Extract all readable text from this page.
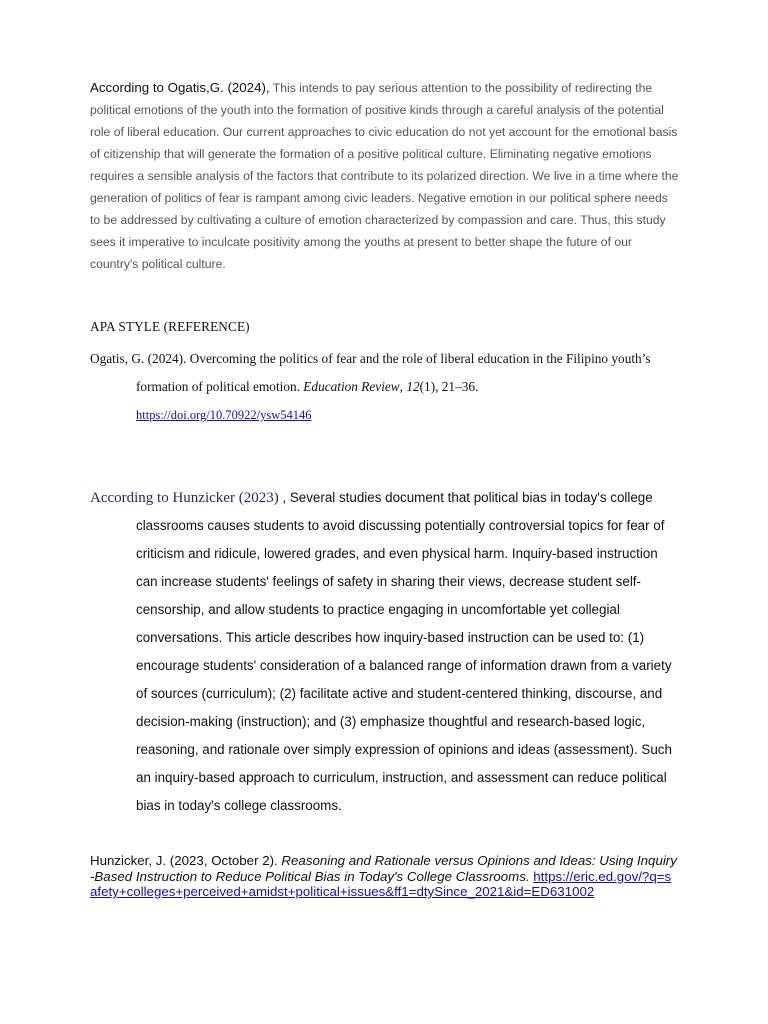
According to Ogatis,G. (2024), This intends to pay serious attention to the possibility of redirecting the political emotions of the youth into the formation of positive kinds through a careful analysis of the potential role of liberal education. Our current approaches to civic education do not yet account for the emotional basis of citizenship that will generate the formation of a positive political culture. Eliminating negative emotions requires a sensible analysis of the factors that contribute to its polarized direction. We live in a time where the generation of politics of fear is rampant among civic leaders. Negative emotion in our political sphere needs to be addressed by cultivating a culture of emotion characterized by compassion and care. Thus, this study sees it imperative to inculcate positivity among the youths at present to better shape the future of our country's political culture.
APA STYLE (REFERENCE)
Ogatis, G. (2024). Overcoming the politics of fear and the role of liberal education in the Filipino youth’s formation of political emotion. Education Review, 12(1), 21–36.
https://doi.org/10.70922/ysw54146
According to Hunzicker (2023) , Several studies document that political bias in today's college classrooms causes students to avoid discussing potentially controversial topics for fear of criticism and ridicule, lowered grades, and even physical harm. Inquiry-based instruction can increase students' feelings of safety in sharing their views, decrease student self-censorship, and allow students to practice engaging in uncomfortable yet collegial conversations. This article describes how inquiry-based instruction can be used to: (1) encourage students' consideration of a balanced range of information drawn from a variety of sources (curriculum); (2) facilitate active and student-centered thinking, discourse, and decision-making (instruction); and (3) emphasize thoughtful and research-based logic, reasoning, and rationale over simply expression of opinions and ideas (assessment). Such an inquiry-based approach to curriculum, instruction, and assessment can reduce political bias in today's college classrooms.
Hunzicker, J. (2023, October 2). Reasoning and Rationale versus Opinions and Ideas: Using Inquiry-Based Instruction to Reduce Political Bias in Today's College Classrooms. https://eric.ed.gov/?q=safety+colleges+perceived+amidst+political+issues&ff1=dtySince_2021&id=ED631002
